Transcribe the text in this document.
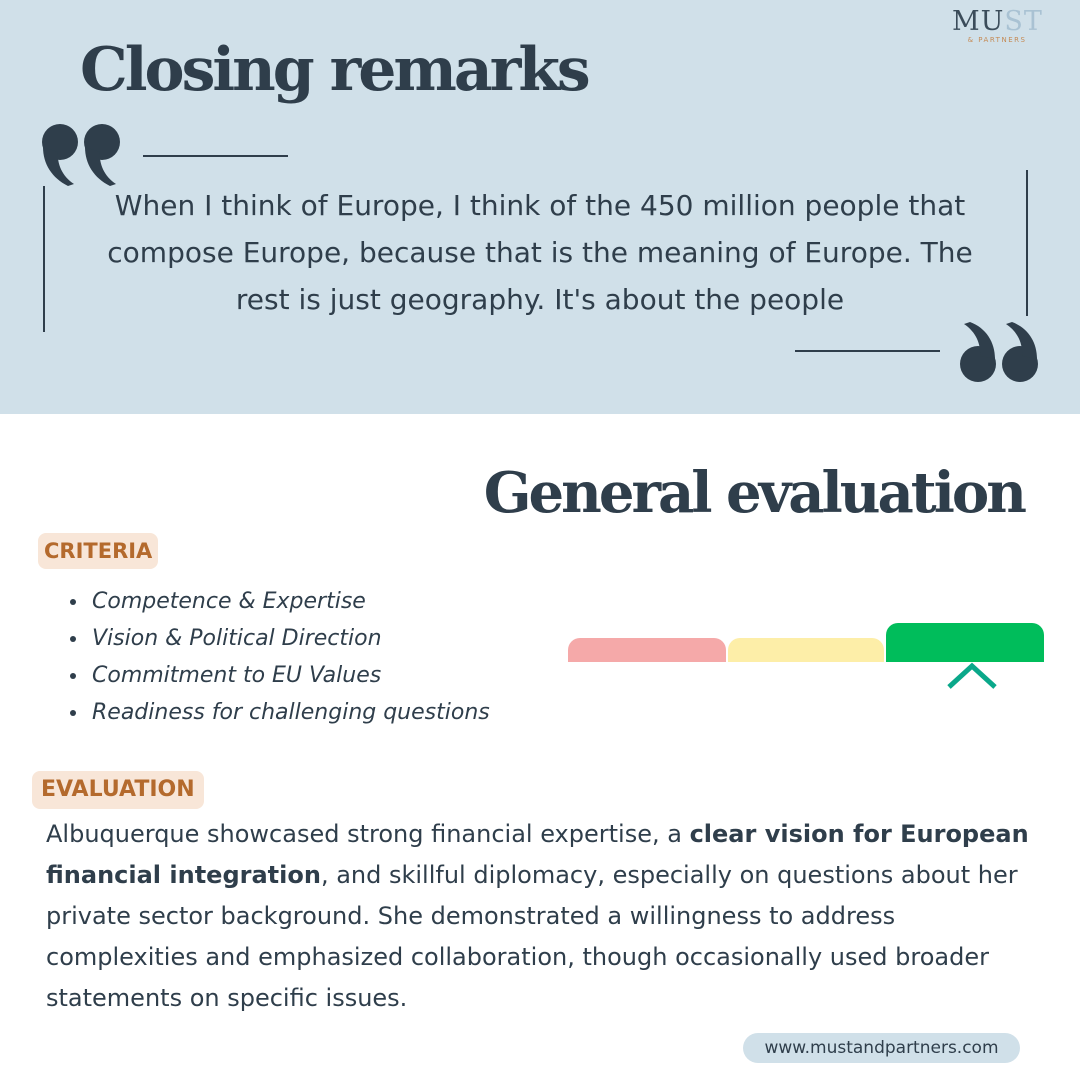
MUST
& PARTNERS
Closing remarks

When I think of Europe, I think of the 450 million people that compose Europe, because that is the meaning of Europe. The rest is just geography. It's about the people

General evaluation
CRITERIA
Competence & Expertise
Vision & Political Direction
Commitment to EU Values
Readiness for challenging questions
EVALUATION

Albuquerque showcased strong financial expertise, a clear vision for European financial integration, and skillful diplomacy, especially on questions about her private sector background. She demonstrated a willingness to address complexities and emphasized collaboration, though occasionally used broader statements on specific issues.

www.mustandpartners.com
